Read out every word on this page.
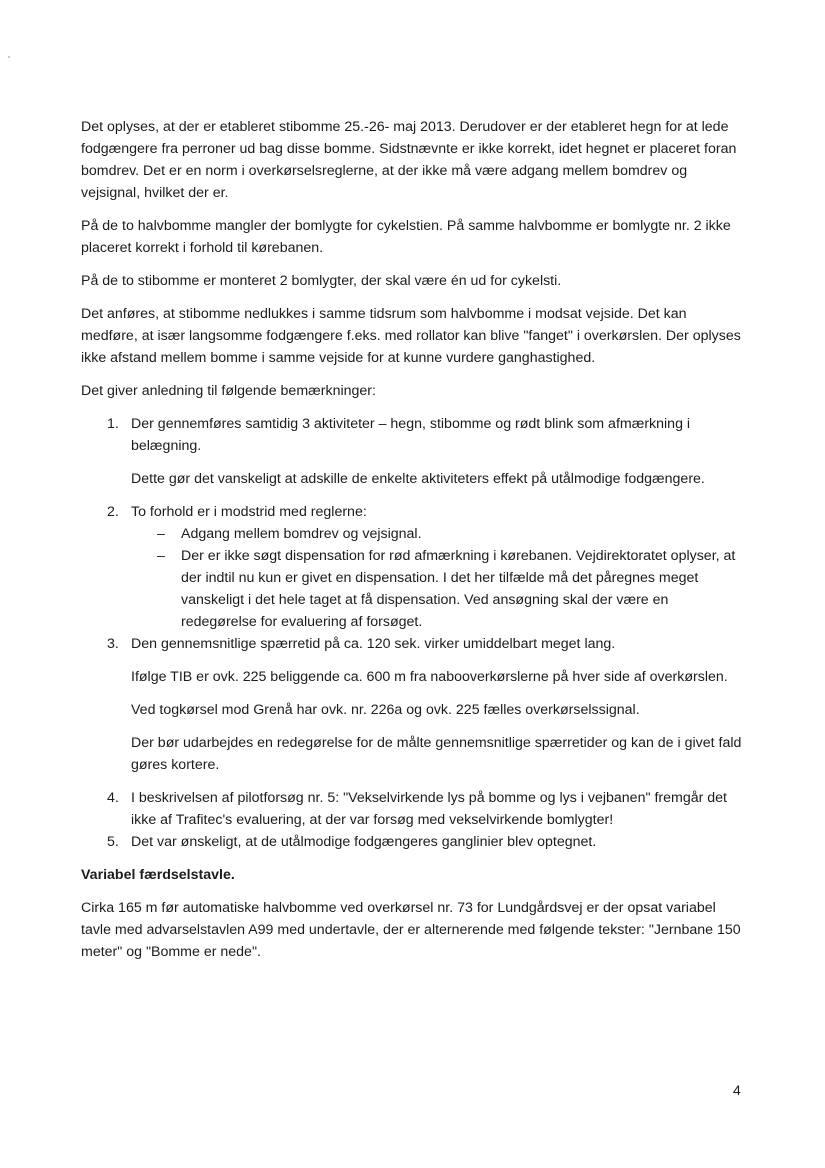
Det oplyses, at der er etableret stibomme 25.-26- maj 2013. Derudover er der etableret hegn for at lede fodgængere fra perroner ud bag disse bomme. Sidstnævnte er ikke korrekt, idet hegnet er placeret foran bomdrev. Det er en norm i overkørselsreglerne, at der ikke må være adgang mellem bomdrev og vejsignal, hvilket der er.

På de to halvbomme mangler der bomlygte for cykelstien. På samme halvbomme er bomlygte nr. 2 ikke placeret korrekt i forhold til kørebanen.

På de to stibomme er monteret 2 bomlygter, der skal være én ud for cykelsti.

Det anføres, at stibomme nedlukkes i samme tidsrum som halvbomme i modsat vejside. Det kan medføre, at især langsomme fodgængere f.eks. med rollator kan blive "fanget" i overkørslen. Der oplyses ikke afstand mellem bomme i samme vejside for at kunne vurdere ganghastighed.

Det giver anledning til følgende bemærkninger:

1. Der gennemføres samtidig 3 aktiviteter – hegn, stibomme og rødt blink som afmærkning i belægning.

Dette gør det vanskeligt at adskille de enkelte aktiviteters effekt på utålmodige fodgængere.

2. To forhold er i modstrid med reglerne:

– Adgang mellem bomdrev og vejsignal.
– Der er ikke søgt dispensation for rød afmærkning i kørebanen. Vejdirektoratet oplyser, at der indtil nu kun er givet en dispensation. I det her tilfælde må det påregnes meget vanskeligt i det hele taget at få dispensation. Ved ansøgning skal der være en redegørelse for evaluering af forsøget.
3. Den gennemsnitlige spærretid på ca. 120 sek. virker umiddelbart meget lang.

Ifølge TIB er ovk. 225 beliggende ca. 600 m fra nabooverkørslerne på hver side af overkørslen.

Ved togkørsel mod Grenå har ovk. nr. 226a og ovk. 225 fælles overkørselssignal.

Der bør udarbejdes en redegørelse for de målte gennemsnitlige spærretider og kan de i givet fald gøres kortere.

4. I beskrivelsen af pilotforsøg nr. 5: "Vekselvirkende lys på bomme og lys i vejbanen" fremgår det ikke af Trafitec's evaluering, at der var forsøg med vekselvirkende bomlygter!

5. Det var ønskeligt, at de utålmodige fodgængeres ganglinier blev optegnet.

Variabel færdselstavle.

Cirka 165 m før automatiske halvbomme ved overkørsel nr. 73 for Lundgårdsvej er der opsat variabel tavle med advarselstavlen A99 med undertavle, der er alternerende med følgende tekster: "Jernbane 150 meter" og "Bomme er nede".

4
